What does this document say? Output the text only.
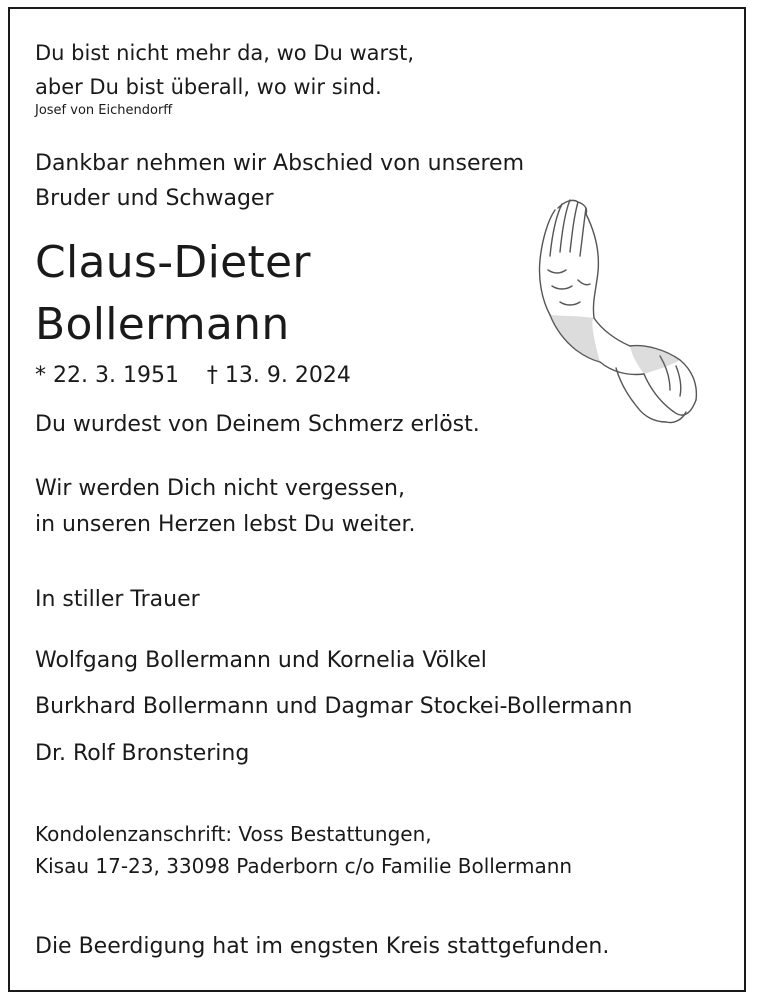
Du bist nicht mehr da, wo Du warst,

aber Du bist überall, wo wir sind.

Josef von Eichendorff

Dankbar nehmen wir Abschied von unserem

Bruder und Schwager

Claus-Dieter

Bollermann

* 22. 3. 1951    † 13. 9. 2024

Du wurdest von Deinem Schmerz erlöst.

Wir werden Dich nicht vergessen,

in unseren Herzen lebst Du weiter.

In stiller Trauer

Wolfgang Bollermann und Kornelia Völkel

Burkhard Bollermann und Dagmar Stockei-Bollermann

Dr. Rolf Bronstering

Kondolenzanschrift: Voss Bestattungen,

Kisau 17-23, 33098 Paderborn c/o Familie Bollermann

Die Beerdigung hat im engsten Kreis stattgefunden.
